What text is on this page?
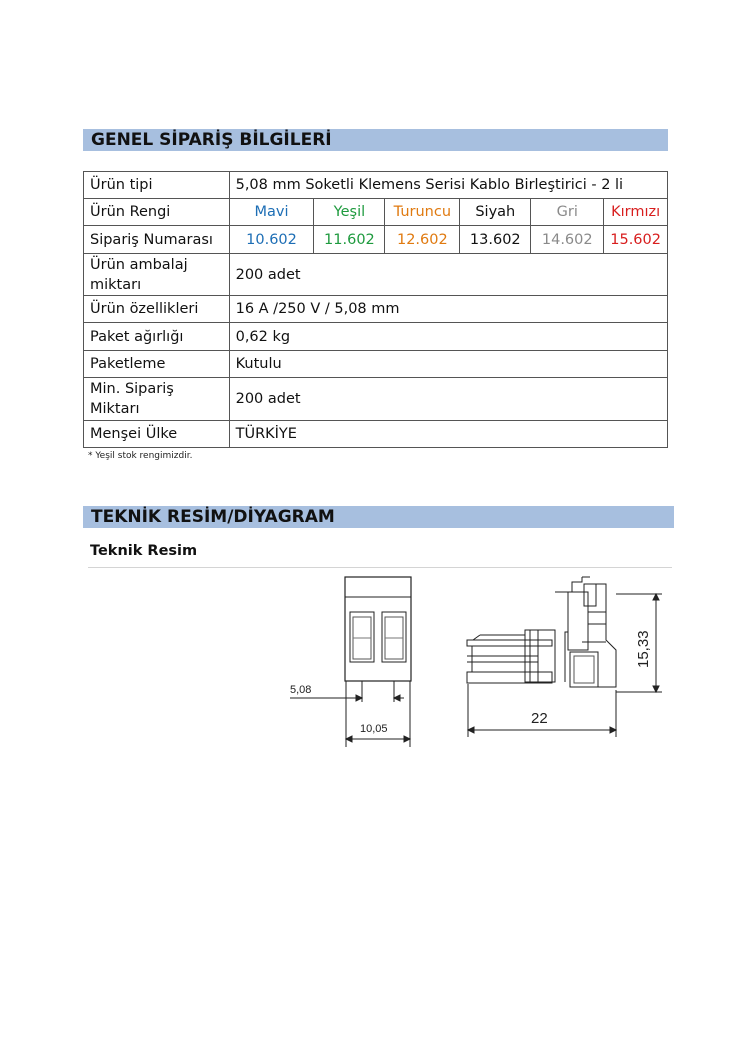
GENEL SİPARİŞ BİLGİLERİ
Ürün tipi	5,08 mm Soketli Klemens Serisi Kablo Birleştirici - 2 li					
Ürün Rengi	Mavi	Yeşil	Turuncu	Siyah	Gri	Kırmızı
Sipariş Numarası	10.602	11.602	12.602	13.602	14.602	15.602
Ürün ambalaj
miktarı	200 adet					
Ürün özellikleri	16 A /250 V / 5,08 mm					
Paket ağırlığı	0,62 kg					
Paketleme	Kutulu					
Min. Sipariş
Miktarı	200 adet					
Menşei Ülke	TÜRKİYE					
* Yeşil stok rengimizdir.
TEKNİK RESİM/DİYAGRAM
Teknik Resim
5,08
10,05
22
15,33
